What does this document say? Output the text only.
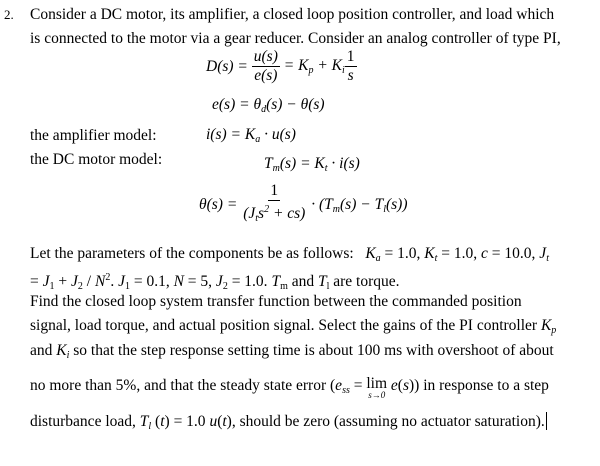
2. Consider a DC motor, its amplifier, a closed loop position controller, and load which
is connected to the motor via a gear reducer. Consider an analog controller of type PI,
$D(s) = \frac{u(s)}{e(s)} = K_p + K_i \frac{1}{s}$
$e(s) = \theta_d(s) - \theta(s)$
the amplifier model:	$i(s) = K_a \cdot u(s)$
the DC motor model:	$T_m(s) = K_t \cdot i(s)$
$\theta(s) = \frac{1}{(J_ts^2 + cs)} \cdot (T_m(s) - T_l(s))$
Let the parameters of the components be as follows: $K_a = 1.0$, $K_t = 1.0$, c = 10.0, $J_t$
= $J_1 + J_2 / N^2$. $J_1 = 0.1$, N = 5, $J_2 = 1.0$. $T_m$ and $T_l$ are torque.
Find the closed loop system transfer function between the commanded position
signal, load torque, and actual position signal. Select the gains of the PI controller $K_p$
and $K_i$ so that the step response setting time is about 100 ms with overshoot of about
no more than 5%, and that the steady state error ($e_{ss} = \lim$
s→0
e(s)) in response to a step
disturbance load, $T_l$ (t) = 1.0 u(t), should be zero (assuming no actuator saturation).
